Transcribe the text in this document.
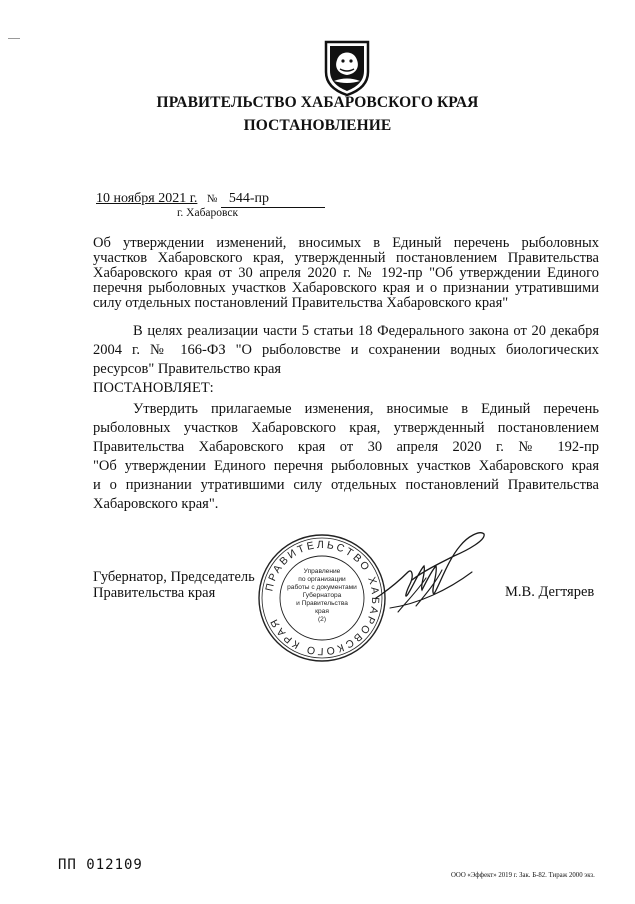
ПРАВИТЕЛЬСТВО ХАБАРОВСКОГО КРАЯ
ПОСТАНОВЛЕНИЕ
10 ноября 2021 г. № 544-пр
г. Хабаровск
Об утверждении изменений, вносимых в Единый перечень рыболовных
участков Хабаровского края, утвержденный постановлением Правительства
Хабаровского края от 30 апреля 2020 г. № 192-пр "Об утверждении Единого
перечня рыболовных участков Хабаровского края и о признании утратившими
силу отдельных постановлений Правительства Хабаровского края"
В целях реализации части 5 статьи 18 Федерального закона от 20 декабря
2004 г. № 166-ФЗ "О рыболовстве и сохранении водных биологических
ресурсов" Правительство края
ПОСТАНОВЛЯЕТ:
Утвердить прилагаемые изменения, вносимые в Единый перечень
рыболовных участков Хабаровского края, утвержденный постановлением
Правительства Хабаровского края от 30 апреля 2020 г. № 192-пр
"Об утверждении Единого перечня рыболовных участков Хабаровского края
и о признании утратившими силу отдельных постановлений Правительства
Хабаровского края".
Губернатор, Председатель
Правительства края	М.В. Дегтярев
ПРАВИТЕЛЬСТВО ХАБАРОВСКОГО КРАЯ
Управление
по организации
работы с документами
Губернатора
и Правительства
края
(2)
ПП 012109
ООО «Эффект» 2019 г. Зак. Б-82. Тираж 2000 экз.
